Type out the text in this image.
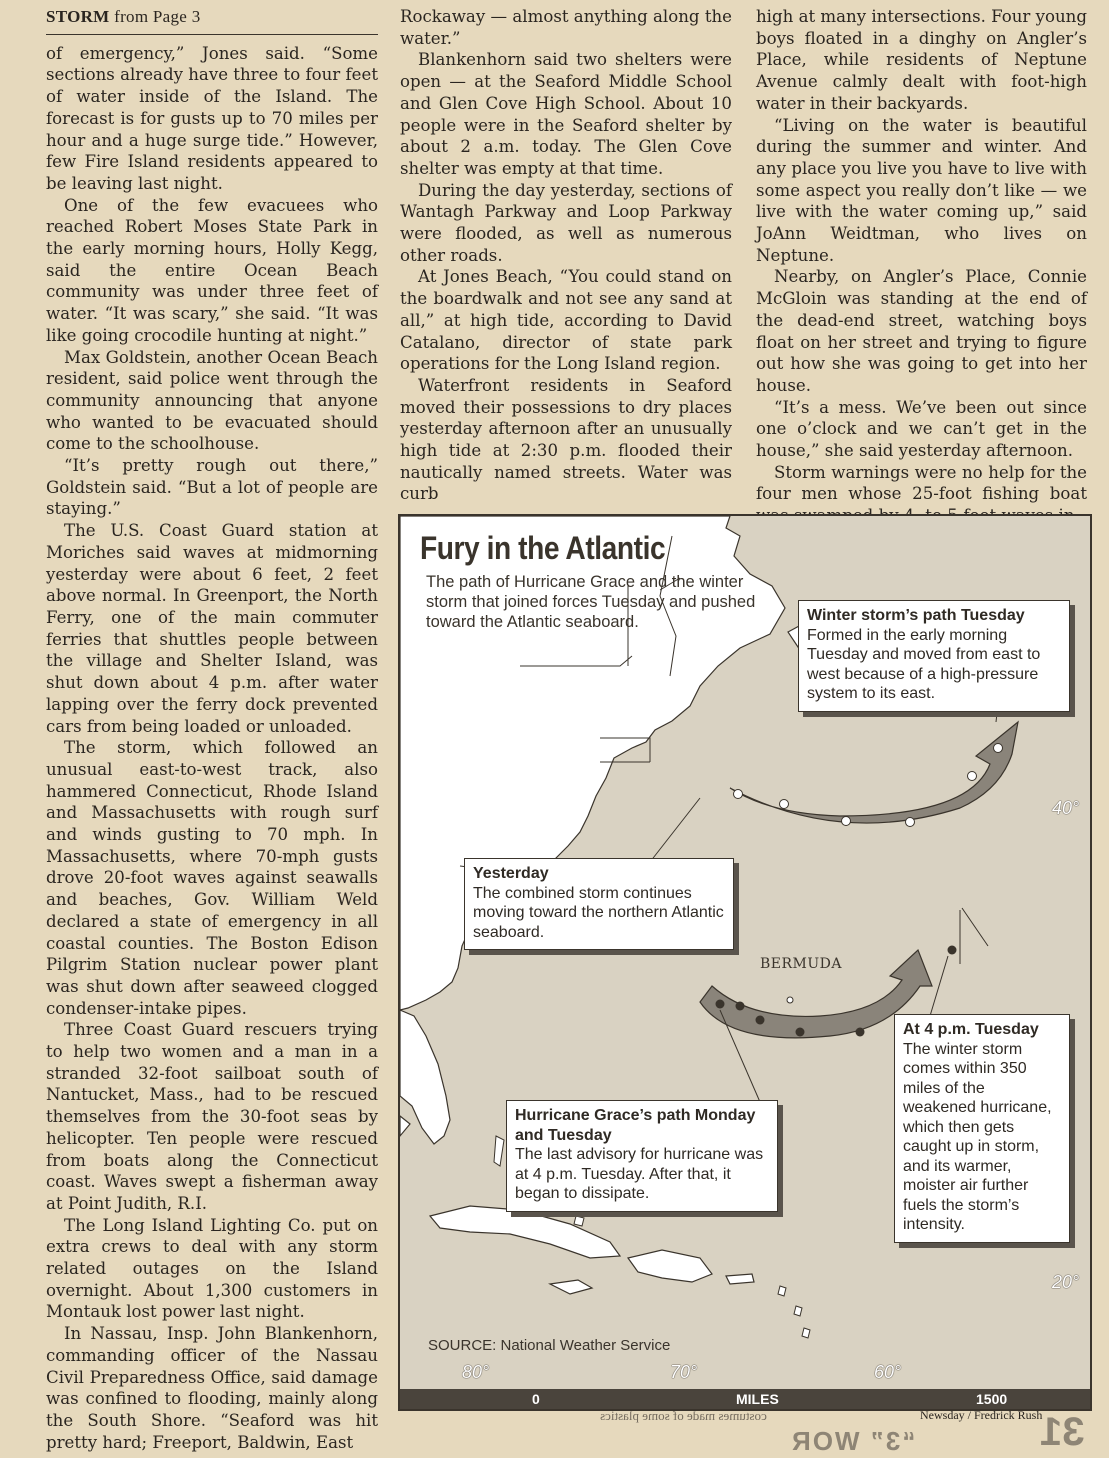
STORM from Page 3

of emergency,” Jones said. “Some sections already have three to four feet of water inside of the Island. The forecast is for gusts up to 70 miles per hour and a huge surge tide.” However, few Fire Island residents appeared to be leaving last night.

One of the few evacuees who reached Robert Moses State Park in the early morning hours, Holly Kegg, said the entire Ocean Beach community was under three feet of water. “It was scary,” she said. “It was like going crocodile hunting at night.”

Max Goldstein, another Ocean Beach resident, said police went through the community announcing that anyone who wanted to be evacuated should come to the schoolhouse.

“It’s pretty rough out there,” Goldstein said. “But a lot of people are staying.”

The U.S. Coast Guard station at Moriches said waves at midmorning yesterday were about 6 feet, 2 feet above normal. In Greenport, the North Ferry, one of the main commuter ferries that shuttles people between the village and Shelter Island, was shut down about 4 p.m. after water lapping over the ferry dock prevented cars from being loaded or unloaded.

The storm, which followed an unusual east-to-west track, also hammered Connecticut, Rhode Island and Massachusetts with rough surf and winds gusting to 70 mph. In Massachusetts, where 70-mph gusts drove 20-foot waves against seawalls and beaches, Gov. William Weld declared a state of emergency in all coastal counties. The Boston Edison Pilgrim Station nuclear power plant was shut down after seaweed clogged condenser-intake pipes.

Three Coast Guard rescuers trying to help two women and a man in a stranded 32-foot sailboat south of Nantucket, Mass., had to be rescued themselves from the 30-foot seas by helicopter. Ten people were rescued from boats along the Connecticut coast. Waves swept a fisherman away at Point Judith, R.I.

The Long Island Lighting Co. put on extra crews to deal with any storm related outages on the Island overnight. About 1,300 customers in Montauk lost power last night.

In Nassau, Insp. John Blankenhorn, commanding officer of the Nassau Civil Preparedness Office, said damage was confined to flooding, mainly along the South Shore. “Seaford was hit pretty hard; Freeport, Baldwin, East

Rockaway — almost anything along the water.”

Blankenhorn said two shelters were open — at the Seaford Middle School and Glen Cove High School. About 10 people were in the Seaford shelter by about 2 a.m. today. The Glen Cove shelter was empty at that time.

During the day yesterday, sections of Wantagh Parkway and Loop Parkway were flooded, as well as numerous other roads.

At Jones Beach, “You could stand on the boardwalk and not see any sand at all,” at high tide, according to David Catalano, director of state park operations for the Long Island region.

Waterfront residents in Seaford moved their possessions to dry places yesterday afternoon after an unusually high tide at 2:30 p.m. flooded their nautically named streets. Water was curb

high at many intersections. Four young boys floated in a dinghy on Angler’s Place, while residents of Neptune Avenue calmly dealt with foot-high water in their backyards.

“Living on the water is beautiful during the summer and winter. And any place you live you have to live with some aspect you really don’t like — we live with the water coming up,” said JoAnn Weidtman, who lives on Neptune.

Nearby, on Angler’s Place, Connie McGloin was standing at the end of the dead-end street, watching boys float on her street and trying to figure out how she was going to get into her house.

“It’s a mess. We’ve been out since one o’clock and we can’t get in the house,” she said yesterday afternoon.

Storm warnings were no help for the four men whose 25-foot fishing boat

Fury in the Atlantic
The path of Hurricane Grace and the winter storm that joined forces Tuesday and pushed toward the Atlantic seaboard.	Winter storm’s path Tuesday
Formed in the early morning Tuesday and moved from east to west because of a high-pressure system to its east.
Yesterday
The combined storm continues moving toward the northern Atlantic seaboard.
Hurricane Grace’s path Monday and Tuesday
The last advisory for hurricane was at 4 p.m. Tuesday. After that, it began to dissipate.
At 4 p.m. Tuesday
The winter storm comes within 350 miles of the weakened hurricane, which then gets caught up in storm, and its warmer, moister air further fuels the storm’s intensity.
BERMUDA
40°
20°
80°	70°	60°
SOURCE: National Weather Service
0	MILES	1500
costumes made of some plastics	Newsday / Fredrick Rush
“3” WOR	31
